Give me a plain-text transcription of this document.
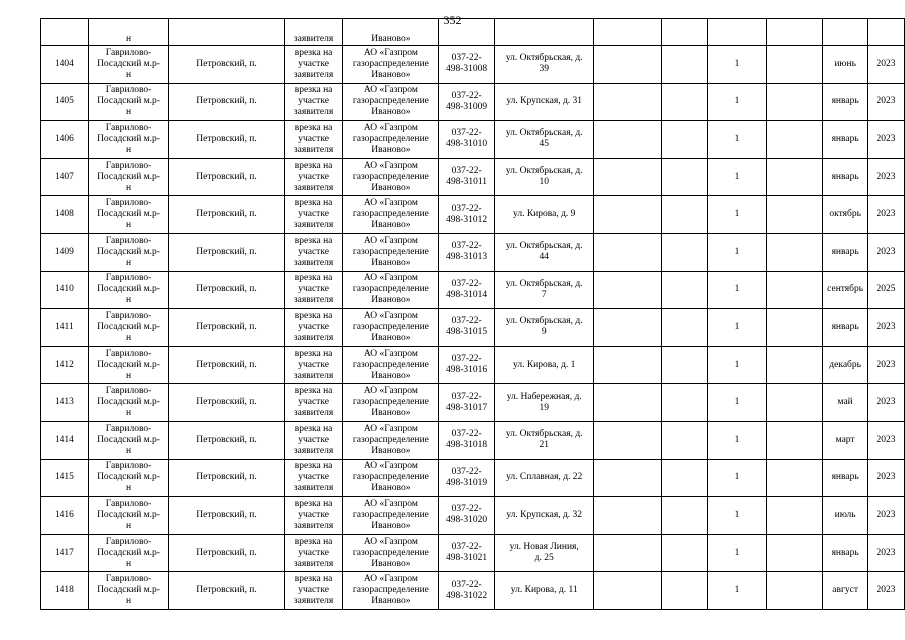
352

	н		заявителя	Иваново»								

1404	Гаврилово-
Посадский м.р-
н	Петровский, п.	врезка на
участке
заявителя	АО «Газпром
газораспределение
Иваново»	037-22-
498-31008	ул. Октябрьская, д.
39			1		июнь	2023
1405	Гаврилово-
Посадский м.р-
н	Петровский, п.	врезка на
участке
заявителя	АО «Газпром
газораспределение
Иваново»	037-22-
498-31009	ул. Крупская, д. 31			1		январь	2023
1406	Гаврилово-
Посадский м.р-
н	Петровский, п.	врезка на
участке
заявителя	АО «Газпром
газораспределение
Иваново»	037-22-
498-31010	ул. Октябрьская, д.
45			1		январь	2023
1407	Гаврилово-
Посадский м.р-
н	Петровский, п.	врезка на
участке
заявителя	АО «Газпром
газораспределение
Иваново»	037-22-
498-31011	ул. Октябрьская, д.
10			1		январь	2023
1408	Гаврилово-
Посадский м.р-
н	Петровский, п.	врезка на
участке
заявителя	АО «Газпром
газораспределение
Иваново»	037-22-
498-31012	ул. Кирова, д. 9			1		октябрь	2023
1409	Гаврилово-
Посадский м.р-
н	Петровский, п.	врезка на
участке
заявителя	АО «Газпром
газораспределение
Иваново»	037-22-
498-31013	ул. Октябрьская, д.
44			1		январь	2023
1410	Гаврилово-
Посадский м.р-
н	Петровский, п.	врезка на
участке
заявителя	АО «Газпром
газораспределение
Иваново»	037-22-
498-31014	ул. Октябрьская, д.
7			1		сентябрь	2025
1411	Гаврилово-
Посадский м.р-
н	Петровский, п.	врезка на
участке
заявителя	АО «Газпром
газораспределение
Иваново»	037-22-
498-31015	ул. Октябрьская, д.
9			1		январь	2023
1412	Гаврилово-
Посадский м.р-
н	Петровский, п.	врезка на
участке
заявителя	АО «Газпром
газораспределение
Иваново»	037-22-
498-31016	ул. Кирова, д. 1			1		декабрь	2023
1413	Гаврилово-
Посадский м.р-
н	Петровский, п.	врезка на
участке
заявителя	АО «Газпром
газораспределение
Иваново»	037-22-
498-31017	ул. Набережная, д.
19			1		май	2023
1414	Гаврилово-
Посадский м.р-
н	Петровский, п.	врезка на
участке
заявителя	АО «Газпром
газораспределение
Иваново»	037-22-
498-31018	ул. Октябрьская, д.
21			1		март	2023
1415	Гаврилово-
Посадский м.р-
н	Петровский, п.	врезка на
участке
заявителя	АО «Газпром
газораспределение
Иваново»	037-22-
498-31019	ул. Сплавная, д. 22			1		январь	2023
1416	Гаврилово-
Посадский м.р-
н	Петровский, п.	врезка на
участке
заявителя	АО «Газпром
газораспределение
Иваново»	037-22-
498-31020	ул. Крупская, д. 32			1		июль	2023
1417	Гаврилово-
Посадский м.р-
н	Петровский, п.	врезка на
участке
заявителя	АО «Газпром
газораспределение
Иваново»	037-22-
498-31021	ул. Новая Линия,
д. 25			1		январь	2023
1418	Гаврилово-
Посадский м.р-
н	Петровский, п.	врезка на
участке
заявителя	АО «Газпром
газораспределение
Иваново»	037-22-
498-31022	ул. Кирова, д. 11			1		август	2023
